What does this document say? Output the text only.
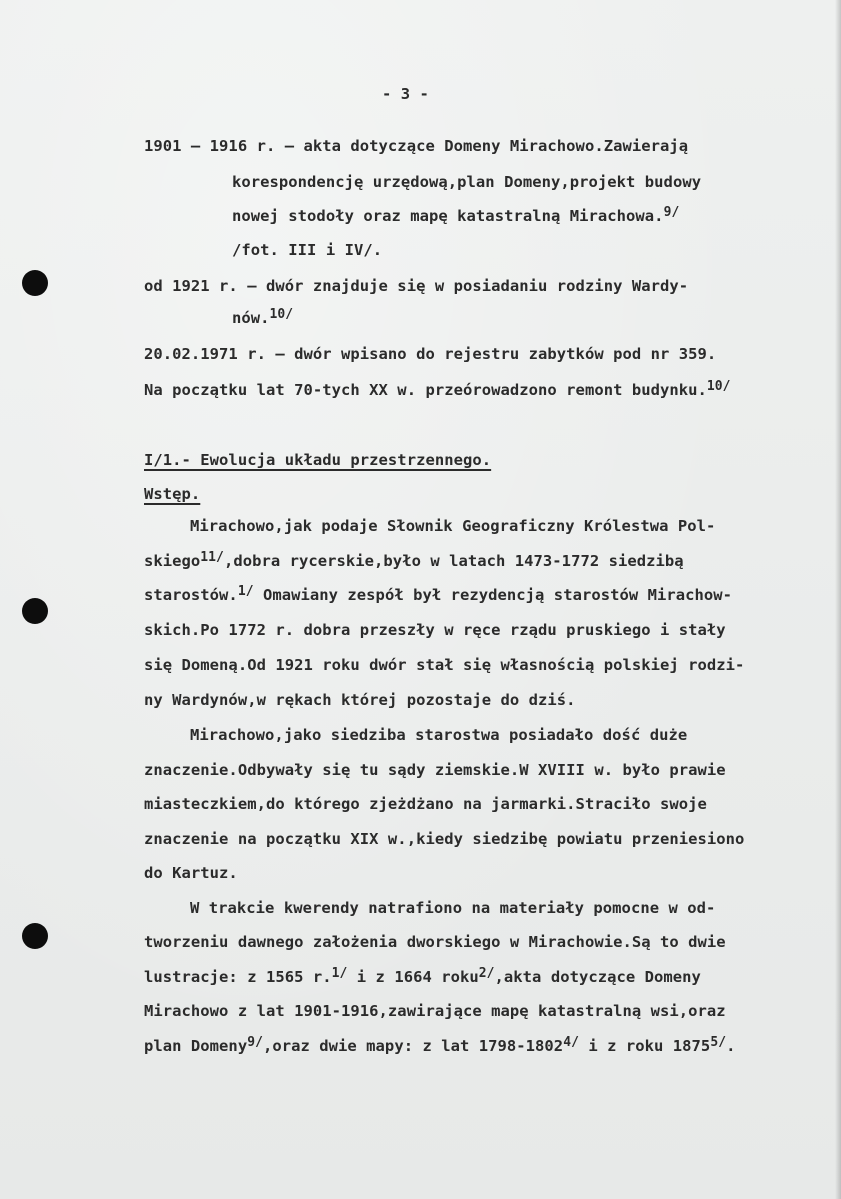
- 3 -
1901 – 1916 r. – akta dotyczące Domeny Mirachowo.Zawierają
korespondencję urzędową,plan Domeny,projekt budowy
nowej stodoły oraz mapę katastralną Mirachowa.$^{9/}$
/fot. III i IV/.
od 1921 r. – dwór znajduje się w posiadaniu rodziny Wardy-
nów.$^{10/}$
20.02.1971 r. – dwór wpisano do rejestru zabytków pod nr 359.
Na początku lat 70-tych XX w. przeórowadzono remont budynku.$^{10/}$
I/1.- Ewolucja układu przestrzennego.
Wstęp.
Mirachowo,jak podaje Słownik Geograficzny Królestwa Pol-
skiego$^{11/}$,dobra rycerskie,było w latach 1473-1772 siedzibą
starostów.$^{1/}$ Omawiany zespół był rezydencją starostów Mirachow-
skich.Po 1772 r. dobra przeszły w ręce rządu pruskiego i stały
się Domeną.Od 1921 roku dwór stał się własnością polskiej rodzi-
ny Wardynów,w rękach której pozostaje do dziś.
Mirachowo,jako siedziba starostwa posiadało dość duże
znaczenie.Odbywały się tu sądy ziemskie.W XVIII w. było prawie
miasteczkiem,do którego zjeżdżano na jarmarki.Straciło swoje
znaczenie na początku XIX w.,kiedy siedzibę powiatu przeniesiono
do Kartuz.
W trakcie kwerendy natrafiono na materiały pomocne w od-
tworzeniu dawnego założenia dworskiego w Mirachowie.Są to dwie
lustracje: z 1565 r.$^{1/}$ i z 1664 roku$^{2/}$,akta dotyczące Domeny
Mirachowo z lat 1901-1916,zawirające mapę katastralną wsi,oraz
plan Domeny$^{9/}$,oraz dwie mapy: z lat $1798-1802^{4/}$ i z roku $1875^{5/}$.
